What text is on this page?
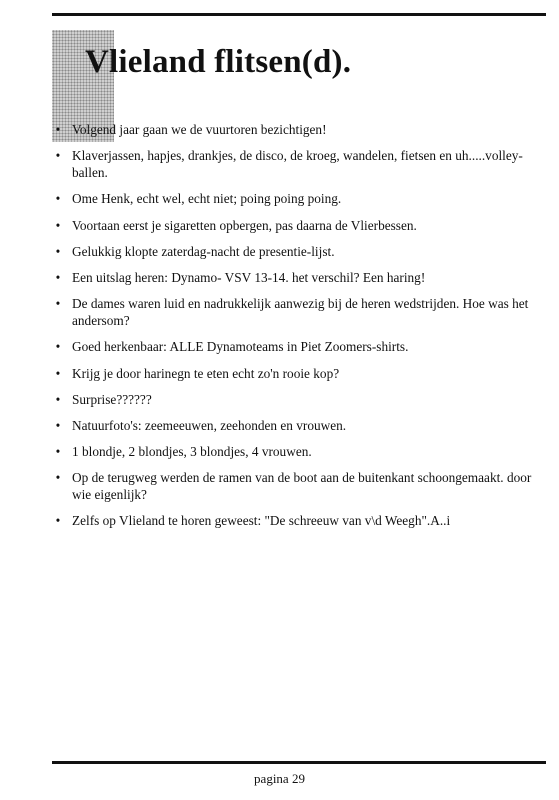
Vlieland flitsen(d).
• Volgend jaar gaan we de vuurtoren bezichtigen!
• Klaverjassen, hapjes, drankjes, de disco, de kroeg, wandelen, fietsen en uh.....volley-ballen.
• Ome Henk, echt wel, echt niet; poing poing poing.
• Voortaan eerst je sigaretten opbergen, pas daarna de Vlierbessen.
• Gelukkig klopte zaterdag-nacht de presentie-lijst.
• Een uitslag heren: Dynamo- VSV 13-14. het verschil? Een haring!
• De dames waren luid en nadrukkelijk aanwezig bij de heren wedstrijden. Hoe was het andersom?
• Goed herkenbaar: ALLE Dynamoteams in Piet Zoomers-shirts.
• Krijg je door harinegn te eten echt zo'n rooie kop?
• Surprise??????
• Natuurfoto's: zeemeeuwen, zeehonden en vrouwen.
• 1 blondje, 2 blondjes, 3 blondjes, 4 vrouwen.
• Op de terugweg werden de ramen van de boot aan de buitenkant schoongemaakt. door wie eigenlijk?
• Zelfs op Vlieland te horen geweest: "De schreeuw van v\d Weegh".A..i
pagina 29
